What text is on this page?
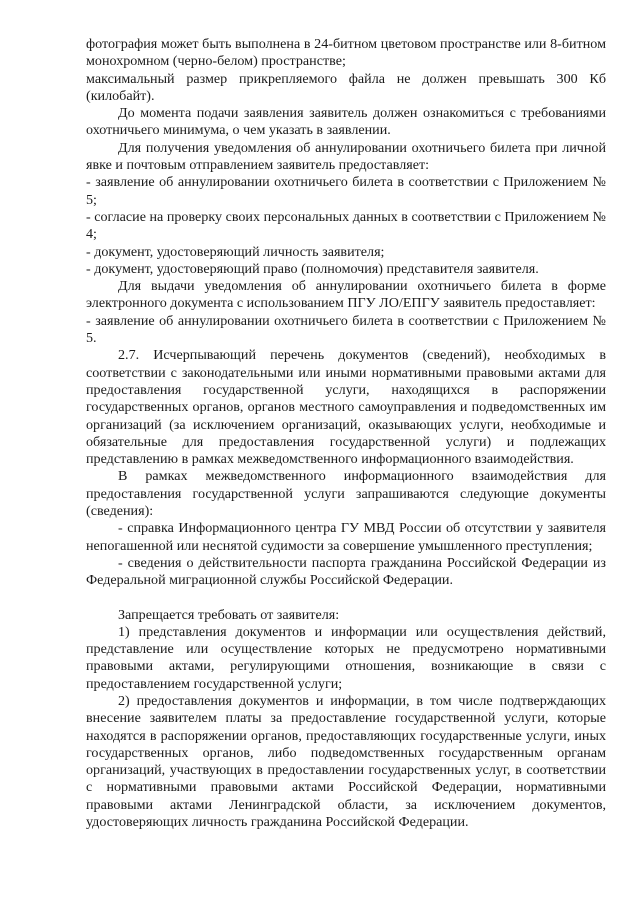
фотография может быть выполнена в 24-битном цветовом пространстве или 8-битном монохромном (черно-белом) пространстве;

максимальный размер прикрепляемого файла не должен превышать 300 Кб (килобайт).

До момента подачи заявления заявитель должен ознакомиться с требованиями охотничьего минимума, о чем указать в заявлении.

Для получения уведомления об аннулировании охотничьего билета при личной явке и почтовым отправлением заявитель предоставляет:

- заявление об аннулировании охотничьего билета в соответствии с Приложением № 5;

- согласие на проверку своих персональных данных в соответствии с Приложением № 4;

- документ, удостоверяющий личность заявителя;

- документ, удостоверяющий право (полномочия) представителя заявителя.

Для выдачи уведомления об аннулировании охотничьего билета в форме электронного документа с использованием ПГУ ЛО/ЕПГУ заявитель предоставляет:

- заявление об аннулировании охотничьего билета в соответствии с Приложением № 5.

2.7. Исчерпывающий перечень документов (сведений), необходимых в соответствии с законодательными или иными нормативными правовыми актами для предоставления государственной услуги, находящихся в распоряжении государственных органов, органов местного самоуправления и подведомственных им организаций (за исключением организаций, оказывающих услуги, необходимые и обязательные для предоставления государственной услуги) и подлежащих представлению в рамках межведомственного информационного взаимодействия.

В рамках межведомственного информационного взаимодействия для предоставления государственной услуги запрашиваются следующие документы (сведения):

- справка Информационного центра ГУ МВД России об отсутствии у заявителя непогашенной или неснятой судимости за совершение умышленного преступления;

- сведения о действительности паспорта гражданина Российской Федерации из Федеральной миграционной службы Российской Федерации.

Запрещается требовать от заявителя:

1) представления документов и информации или осуществления действий, представление или осуществление которых не предусмотрено нормативными правовыми актами, регулирующими отношения, возникающие в связи с предоставлением государственной услуги;

2) предоставления документов и информации, в том числе подтверждающих внесение заявителем платы за предоставление государственной услуги, которые находятся в распоряжении органов, предоставляющих государственные услуги, иных государственных органов, либо подведомственных государственным органам организаций, участвующих в предоставлении государственных услуг, в соответствии с нормативными правовыми актами Российской Федерации, нормативными правовыми актами Ленинградской области, за исключением документов, удостоверяющих личность гражданина Российской Федерации.
